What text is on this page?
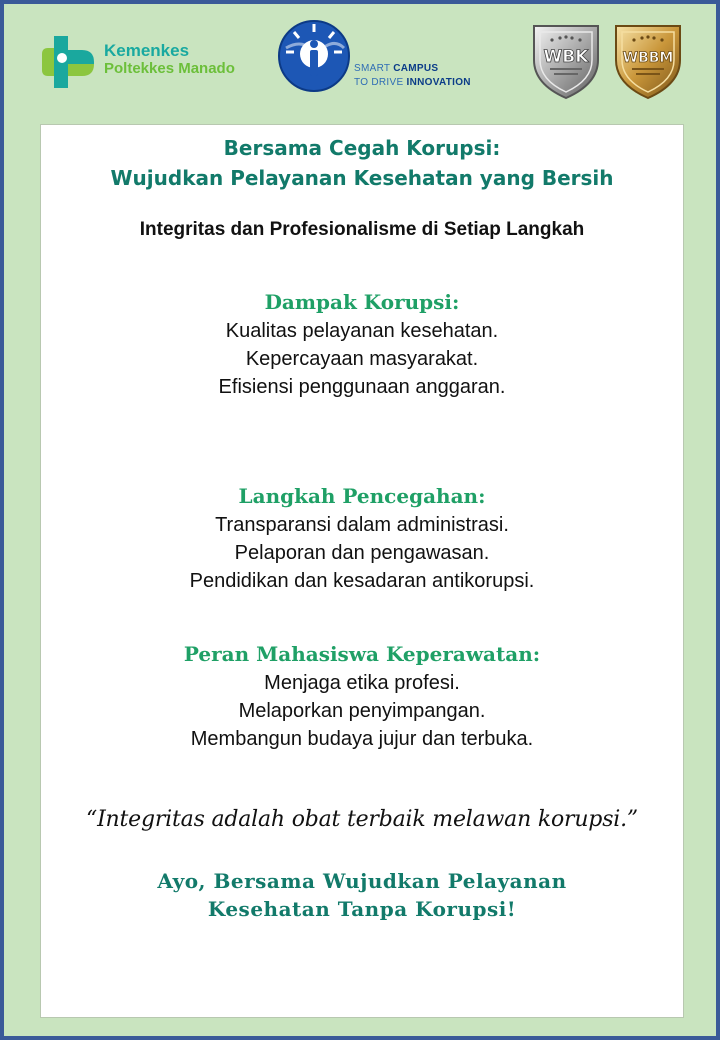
Kemenkes
Poltekkes Manado	SMART CAMPUS
TO DRIVE INNOVATION
WBK WBBM
Bersama Cegah Korupsi:
Wujudkan Pelayanan Kesehatan yang Bersih

Integritas dan Profesionalisme di Setiap Langkah

Dampak Korupsi:
Kualitas pelayanan kesehatan.
Kepercayaan masyarakat.
Efisiensi penggunaan anggaran.
Langkah Pencegahan:
Transparansi dalam administrasi.
Pelaporan dan pengawasan.
Pendidikan dan kesadaran antikorupsi.
Peran Mahasiswa Keperawatan:
Menjaga etika profesi.
Melaporkan penyimpangan.
Membangun budaya jujur dan terbuka.

“Integritas adalah obat terbaik melawan korupsi.”

Ayo, Bersama Wujudkan Pelayanan
Kesehatan Tanpa Korupsi!
